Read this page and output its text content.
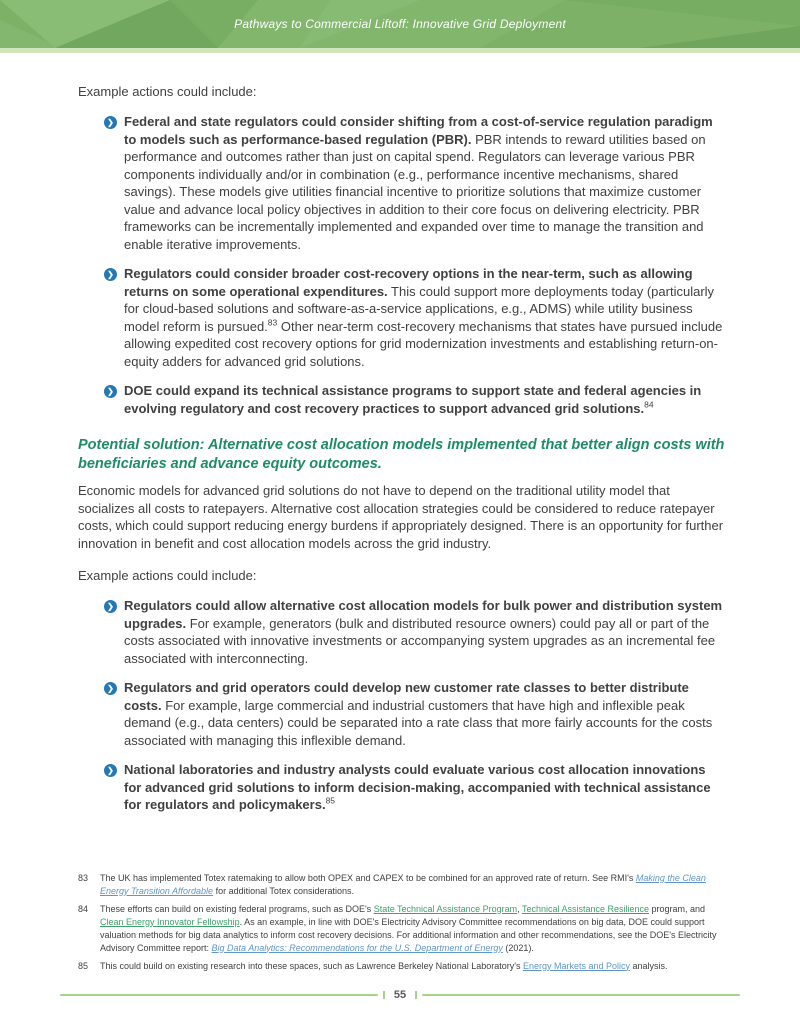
Pathways to Commercial Liftoff: Innovative Grid Deployment

Example actions could include:

❯ Federal and state regulators could consider shifting from a cost-of-service regulation paradigm to models such as performance-based regulation (PBR). PBR intends to reward utilities based on performance and outcomes rather than just on capital spend. Regulators can leverage various PBR components individually and/or in combination (e.g., performance incentive mechanisms, shared savings). These models give utilities financial incentive to prioritize solutions that maximize customer value and advance local policy objectives in addition to their core focus on delivering electricity. PBR frameworks can be incrementally implemented and expanded over time to manage the transition and enable iterative improvements.

❯ Regulators could consider broader cost-recovery options in the near-term, such as allowing returns on some operational expenditures. This could support more deployments today (particularly for cloud-based solutions and software-as-a-service applications, e.g., ADMS) while utility business model reform is pursued.$^{83}$ Other near-term cost-recovery mechanisms that states have pursued include allowing expedited cost recovery options for grid modernization investments and establishing return-on-equity adders for advanced grid solutions.

❯ DOE could expand its technical assistance programs to support state and federal agencies in evolving regulatory and cost recovery practices to support advanced grid solutions.$^{84}$

Potential solution: Alternative cost allocation models implemented that better align costs with beneficiaries and advance equity outcomes.

Economic models for advanced grid solutions do not have to depend on the traditional utility model that socializes all costs to ratepayers. Alternative cost allocation strategies could be considered to reduce ratepayer costs, which could support reducing energy burdens if appropriately designed. There is an opportunity for further innovation in benefit and cost allocation models across the grid industry.

Example actions could include:

❯ Regulators could allow alternative cost allocation models for bulk power and distribution system upgrades. For example, generators (bulk and distributed resource owners) could pay all or part of the costs associated with innovative investments or accompanying system upgrades as an incremental fee associated with interconnecting.

❯ Regulators and grid operators could develop new customer rate classes to better distribute costs. For example, large commercial and industrial customers that have high and inflexible peak demand (e.g., data centers) could be separated into a rate class that more fairly accounts for the costs associated with managing this inflexible demand.

❯ National laboratories and industry analysts could evaluate various cost allocation innovations for advanced grid solutions to inform decision-making, accompanied with technical assistance for regulators and policymakers.$^{85}$

83	The UK has implemented Totex ratemaking to allow both OPEX and CAPEX to be combined for an approved rate of return. See RMI's Making the Clean Energy Transition Affordable for additional Totex considerations.

84	These efforts can build on existing federal programs, such as DOE's State Technical Assistance Program, Technical Assistance Resilience program, and Clean Energy Innovator Fellowship. As an example, in line with DOE's Electricity Advisory Committee recommendations on big data, DOE could support valuation methods for big data analytics to inform cost recovery decisions. For additional information and other recommendations, see the DOE's Electricity Advisory Committee report: Big Data Analytics: Recommendations for the U.S. Department of Energy (2021).

85	This could build on existing research into these spaces, such as Lawrence Berkeley National Laboratory's Energy Markets and Policy analysis.

55
